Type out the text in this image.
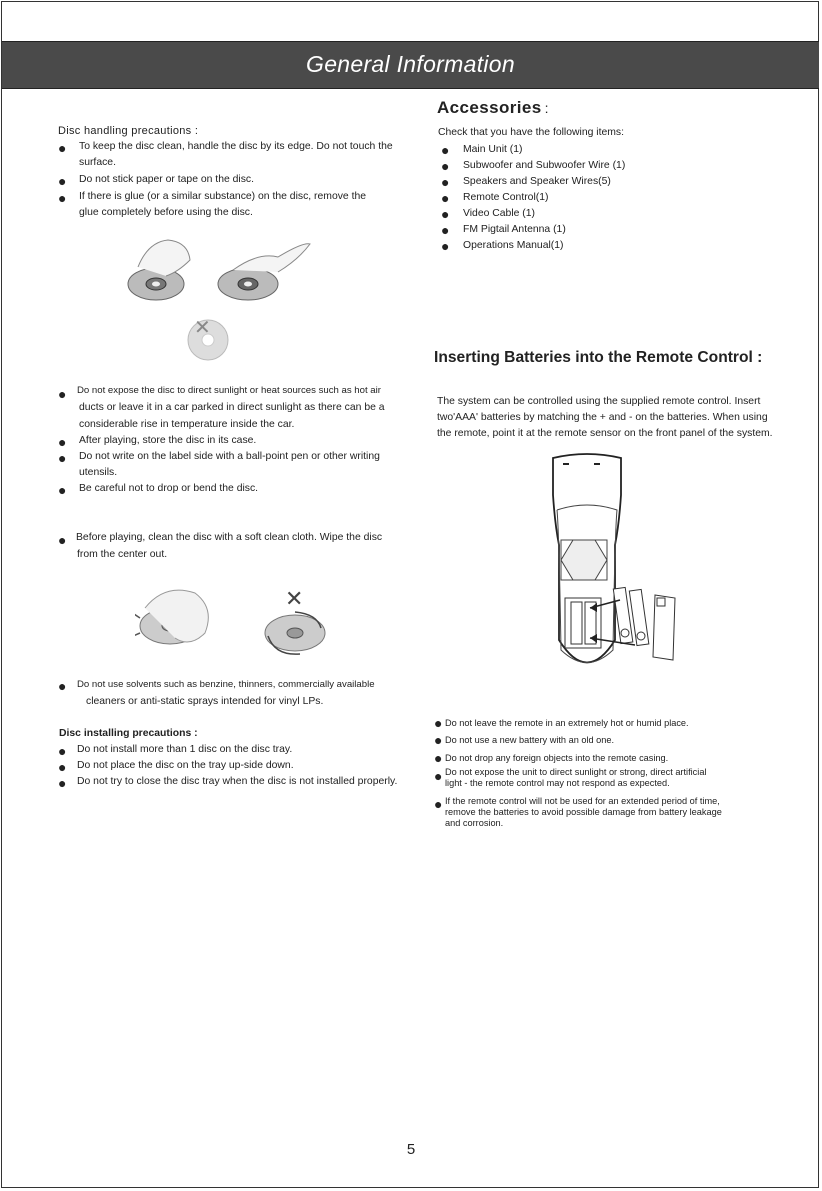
General Information
Disc handling precautions :
● To keep the disc clean, handle the disc by its edge. Do not touch the
surface.
● Do not stick paper or tape on the disc.
● If there is glue (or a similar substance) on the disc, remove the
glue completely before using the disc.
✕
● Do not expose the disc to direct sunlight or heat sources such as hot air
ducts or leave it in a car parked in direct sunlight as there can be a
considerable rise in temperature inside the car.
● After playing, store the disc in its case.
● Do not write on the label side with a ball-point pen or other writing
utensils.
● Be careful not to drop or bend the disc.
● Before playing, clean the disc with a soft clean cloth. Wipe the disc
from the center out.
✕
● Do not use solvents such as benzine, thinners, commercially available
cleaners or anti-static sprays intended for vinyl LPs.
Disc installing precautions :
● Do not install more than 1 disc on the disc tray.
● Do not place the disc on the tray up-side down.
● Do not try to close the disc tray when the disc is not installed properly.
Accessories :
Check that you have the following items:
● Main Unit (1)
● Subwoofer and Subwoofer Wire (1)
● Speakers and Speaker Wires(5)
● Remote Control(1)
● Video Cable (1)
● FM Pigtail Antenna (1)
● Operations Manual(1)
Inserting Batteries into the Remote Control :
The system can be controlled using the supplied remote control. Insert
two'AAA' batteries by matching the + and - on the batteries. When using
the remote, point it at the remote sensor on the front panel of the system.
● Do not leave the remote in an extremely hot or humid place.
● Do not use a new battery with an old one.
● Do not drop any foreign objects into the remote casing.
● Do not expose the unit to direct sunlight or strong, direct artificial
light - the remote control may not respond as expected.
● If the remote control will not be used for an extended period of time,
remove the batteries to avoid possible damage from battery leakage
and corrosion.
5
